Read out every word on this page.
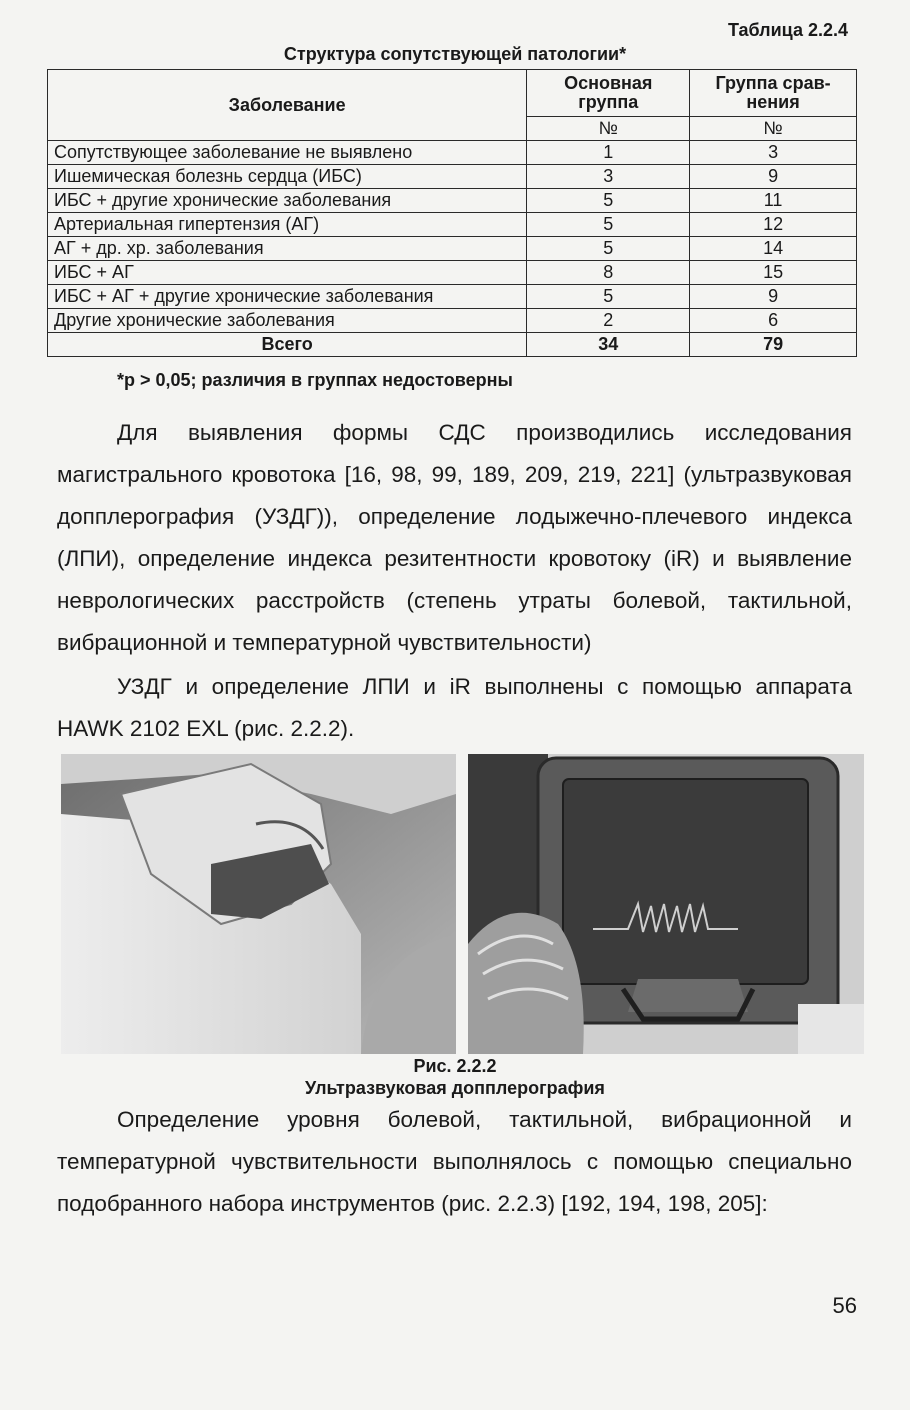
Таблица 2.2.4
Структура сопутствующей патологии*
Заболевание	Основная группа	Группа срав-нения
	№	№
Сопутствующее заболевание не выявлено	1	3
Ишемическая болезнь сердца (ИБС)	3	9
ИБС + другие хронические заболевания	5	11
Артериальная гипертензия (АГ)	5	12
АГ + др. хр. заболевания	5	14
ИБС + АГ	8	15
ИБС + АГ + другие хронические заболевания	5	9
Другие хронические заболевания	2	6
Всего	34	79
*р > 0,05; различия в группах недостоверны

Для выявления формы СДС производились исследования магистрального кровотока [16, 98, 99, 189, 209, 219, 221] (ультразвуковая допплерография (УЗДГ)), определение лодыжечно-плечевого индекса (ЛПИ), определение индекса резитентности кровотоку (iR) и выявление неврологических расстройств (степень утраты болевой, тактильной, вибрационной и температурной чувствительности)

УЗДГ и определение ЛПИ и iR выполнены с помощью аппарата HAWK 2102 EXL (рис. 2.2.2).

Рис. 2.2.2
Ультразвуковая допплерография

Определение уровня болевой, тактильной, вибрационной и температурной чувствительности выполнялось с помощью специально подобранного набора инструментов (рис. 2.2.3) [192, 194, 198, 205]:

56
